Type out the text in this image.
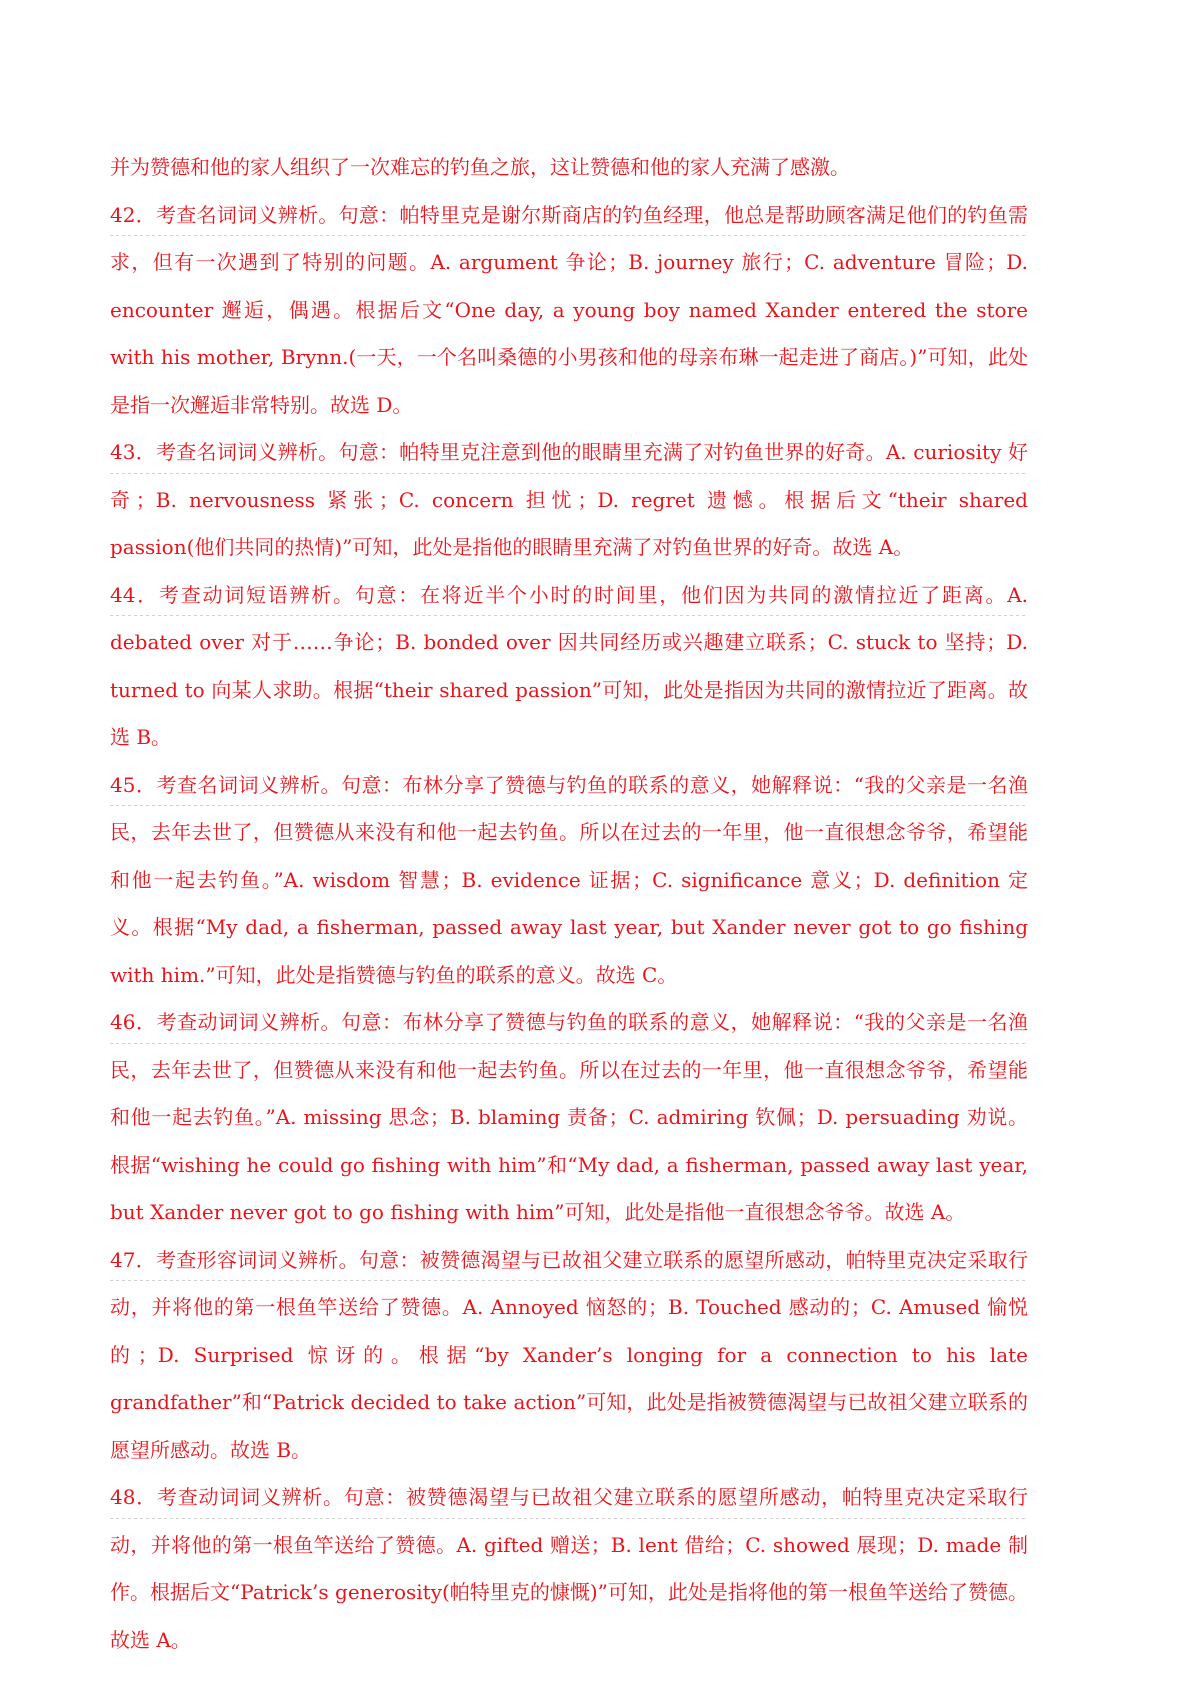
并为赞德和他的家人组织了一次难忘的钓鱼之旅，这让赞德和他的家人充满了感激。

42．考查名词词义辨析。句意：帕特里克是谢尔斯商店的钓鱼经理，他总是帮助顾客满足他们的钓鱼需求，但有一次遇到了特别的问题。A. argument 争论；B. journey 旅行；C. adventure 冒险；D. encounter 邂逅，偶遇。根据后文“One day, a young boy named Xander entered the store with his mother, Brynn.(一天，一个名叫桑德的小男孩和他的母亲布琳一起走进了商店。)”可知，此处是指一次邂逅非常特别。故选 D。

43．考查名词词义辨析。句意：帕特里克注意到他的眼睛里充满了对钓鱼世界的好奇。A. curiosity 好奇；B. nervousness 紧张；C. concern 担忧；D. regret 遗憾。根据后文“their shared passion(他们共同的热情)”可知，此处是指他的眼睛里充满了对钓鱼世界的好奇。故选 A。

44．考查动词短语辨析。句意：在将近半个小时的时间里，他们因为共同的激情拉近了距离。A. debated over 对于……争论；B. bonded over 因共同经历或兴趣建立联系；C. stuck to 坚持；D. turned to 向某人求助。根据“their shared passion”可知，此处是指因为共同的激情拉近了距离。故选 B。

45．考查名词词义辨析。句意：布林分享了赞德与钓鱼的联系的意义，她解释说：“我的父亲是一名渔民，去年去世了，但赞德从来没有和他一起去钓鱼。所以在过去的一年里，他一直很想念爷爷，希望能和他一起去钓鱼。”A. wisdom 智慧；B. evidence 证据；C. significance 意义；D. definition 定义。根据“My dad, a fisherman, passed away last year, but Xander never got to go fishing with him.”可知，此处是指赞德与钓鱼的联系的意义。故选 C。

46．考查动词词义辨析。句意：布林分享了赞德与钓鱼的联系的意义，她解释说：“我的父亲是一名渔民，去年去世了，但赞德从来没有和他一起去钓鱼。所以在过去的一年里，他一直很想念爷爷，希望能和他一起去钓鱼。”A. missing 思念；B. blaming 责备；C. admiring 钦佩；D. persuading 劝说。根据“wishing he could go fishing with him”和“My dad, a fisherman, passed away last year, but Xander never got to go fishing with him”可知，此处是指他一直很想念爷爷。故选 A。

47．考查形容词词义辨析。句意：被赞德渴望与已故祖父建立联系的愿望所感动，帕特里克决定采取行动，并将他的第一根鱼竿送给了赞德。A. Annoyed 恼怒的；B. Touched 感动的；C. Amused 愉悦的；D. Surprised 惊讶的。根据“by Xander’s longing for a connection to his late grandfather”和“Patrick decided to take action”可知，此处是指被赞德渴望与已故祖父建立联系的愿望所感动。故选 B。

48．考查动词词义辨析。句意：被赞德渴望与已故祖父建立联系的愿望所感动，帕特里克决定采取行动，并将他的第一根鱼竿送给了赞德。A. gifted 赠送；B. lent 借给；C. showed 展现；D. made 制作。根据后文“Patrick’s generosity(帕特里克的慷慨)”可知，此处是指将他的第一根鱼竿送给了赞德。故选 A。
